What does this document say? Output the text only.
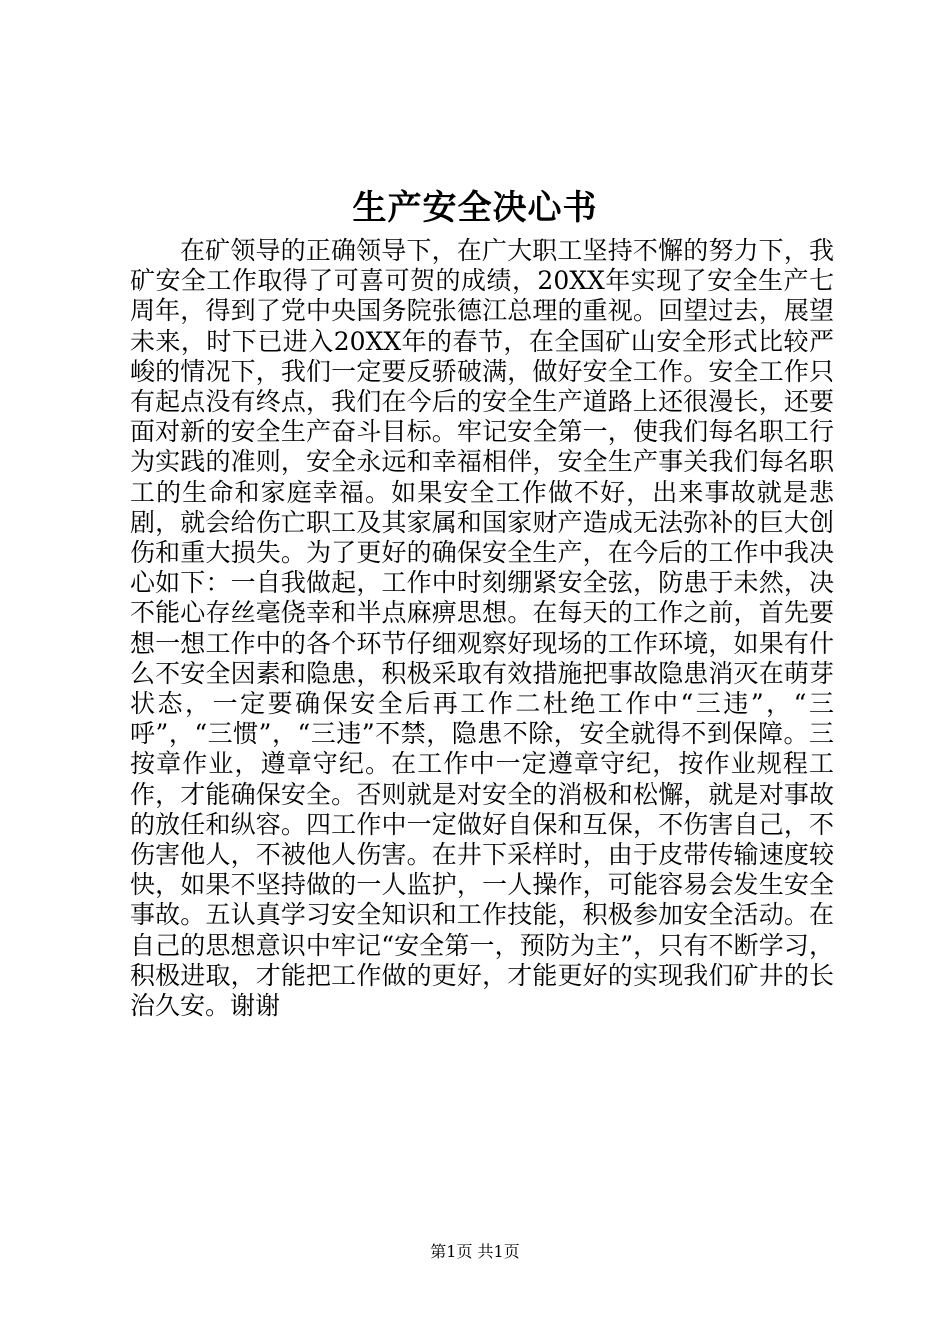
生产安全决心书

在矿领导的正确领导下，在广大职工坚持不懈的努力下，我矿安全工作取得了可喜可贺的成绩，20XX年实现了安全生产七周年，得到了党中央国务院张德江总理的重视。回望过去，展望未来，时下已进入20XX年的春节，在全国矿山安全形式比较严峻的情况下，我们一定要反骄破满，做好安全工作。安全工作只有起点没有终点，我们在今后的安全生产道路上还很漫长，还要面对新的安全生产奋斗目标。牢记安全第一，使我们每名职工行为实践的准则，安全永远和幸福相伴，安全生产事关我们每名职工的生命和家庭幸福。如果安全工作做不好，出来事故就是悲剧，就会给伤亡职工及其家属和国家财产造成无法弥补的巨大创伤和重大损失。为了更好的确保安全生产，在今后的工作中我决心如下：一自我做起，工作中时刻绷紧安全弦，防患于未然，决不能心存丝毫侥幸和半点麻痹思想。在每天的工作之前，首先要想一想工作中的各个环节仔细观察好现场的工作环境，如果有什么不安全因素和隐患，积极采取有效措施把事故隐患消灭在萌芽状态，一定要确保安全后再工作二杜绝工作中“三违”，“三呼”，“三惯”，“三违”不禁，隐患不除，安全就得不到保障。三按章作业，遵章守纪。在工作中一定遵章守纪，按作业规程工作，才能确保安全。否则就是对安全的消极和松懈，就是对事故的放任和纵容。四工作中一定做好自保和互保，不伤害自己，不伤害他人，不被他人伤害。在井下采样时，由于皮带传输速度较快，如果不坚持做的一人监护，一人操作，可能容易会发生安全事故。五认真学习安全知识和工作技能，积极参加安全活动。在自己的思想意识中牢记“安全第一，预防为主”，只有不断学习，积极进取，才能把工作做的更好，才能更好的实现我们矿井的长治久安。谢谢

第1页 共1页
